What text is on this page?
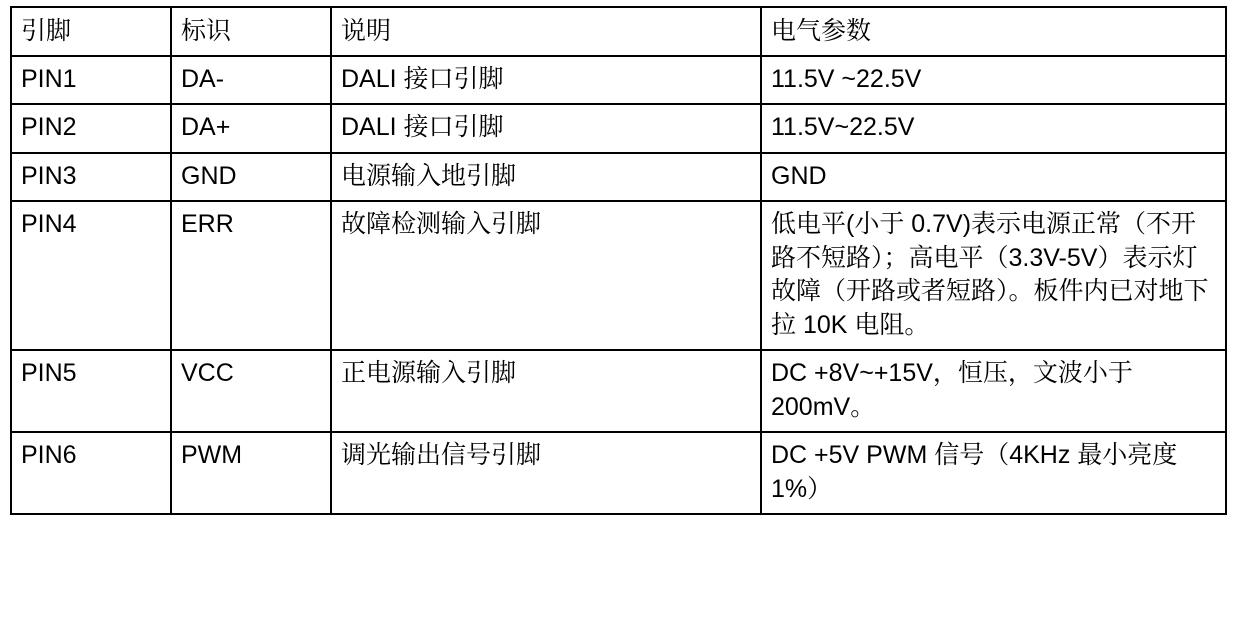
引脚	标识	说明	电气参数
PIN1	DA-	DALI 接口引脚	11.5V ~22.5V
PIN2	DA+	DALI 接口引脚	11.5V~22.5V
PIN3	GND	电源输入地引脚	GND
PIN4	ERR	故障检测输入引脚	低电平(小于 0.7V)表示电源正常（不开路不短路）；高电平（3.3V-5V）表示灯故障（开路或者短路）。板件内已对地下拉 10K 电阻。
PIN5	VCC	正电源输入引脚	DC +8V~+15V，恒压，文波小于 200mV。
PIN6	PWM	调光输出信号引脚	DC +5V PWM 信号（4KHz 最小亮度 1%）
